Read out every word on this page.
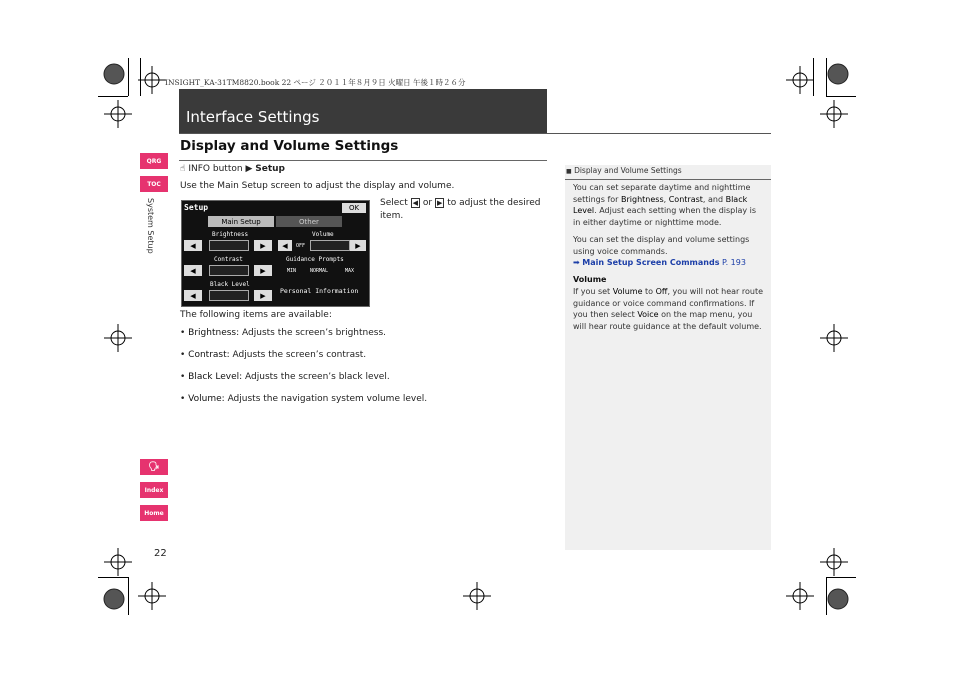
INSIGHT_KA-31TM8820.book 22 ページ ２０１１年８月９日 火曜日 午後１時２６分
Interface Settings
QRG
TOC
System Setup
🗣
Index
Home
22
Display and Volume Settings
☝ INFO button ▶ Setup
Use the Main Setup screen to adjust the display and volume.
Setup	OK
Main Setup	Other
Brightness	Volume
◀	▶	◀	OFF	▶
Contrast	Guidance Prompts
◀	▶	MIN	NORMAL	MAX
Black Level
◀	▶
Personal Information
Select ◀ or ▶ to adjust the desired item.
The following items are available:
• Brightness: Adjusts the screen’s brightness.
• Contrast: Adjusts the screen’s contrast.
• Black Level: Adjusts the screen’s black level.
• Volume: Adjusts the navigation system volume level.
■ Display and Volume Settings
You can set separate daytime and nighttime settings for Brightness, Contrast, and Black Level. Adjust each setting when the display is in either daytime or nighttime mode.
You can set the display and volume settings using voice commands.
➡ Main Setup Screen Commands P. 193
Volume
If you set Volume to Off, you will not hear route guidance or voice command confirmations. If you then select Voice on the map menu, you will hear route guidance at the default volume.
